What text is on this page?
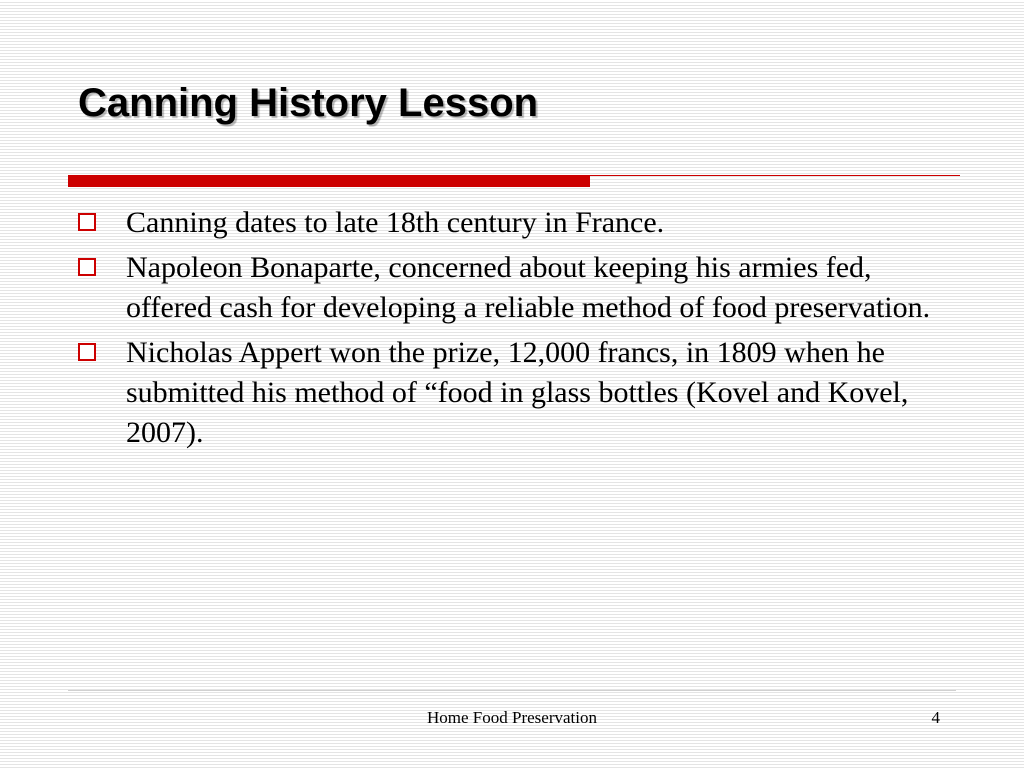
Canning History Lesson
Canning dates to late 18th century in France.
Napoleon Bonaparte, concerned about keeping his armies fed, offered cash for developing a reliable method of food preservation.
Nicholas Appert won the prize, 12,000 francs, in 1809 when he submitted his method of “food in glass bottles (Kovel and Kovel, 2007).
Home Food Preservation	4
